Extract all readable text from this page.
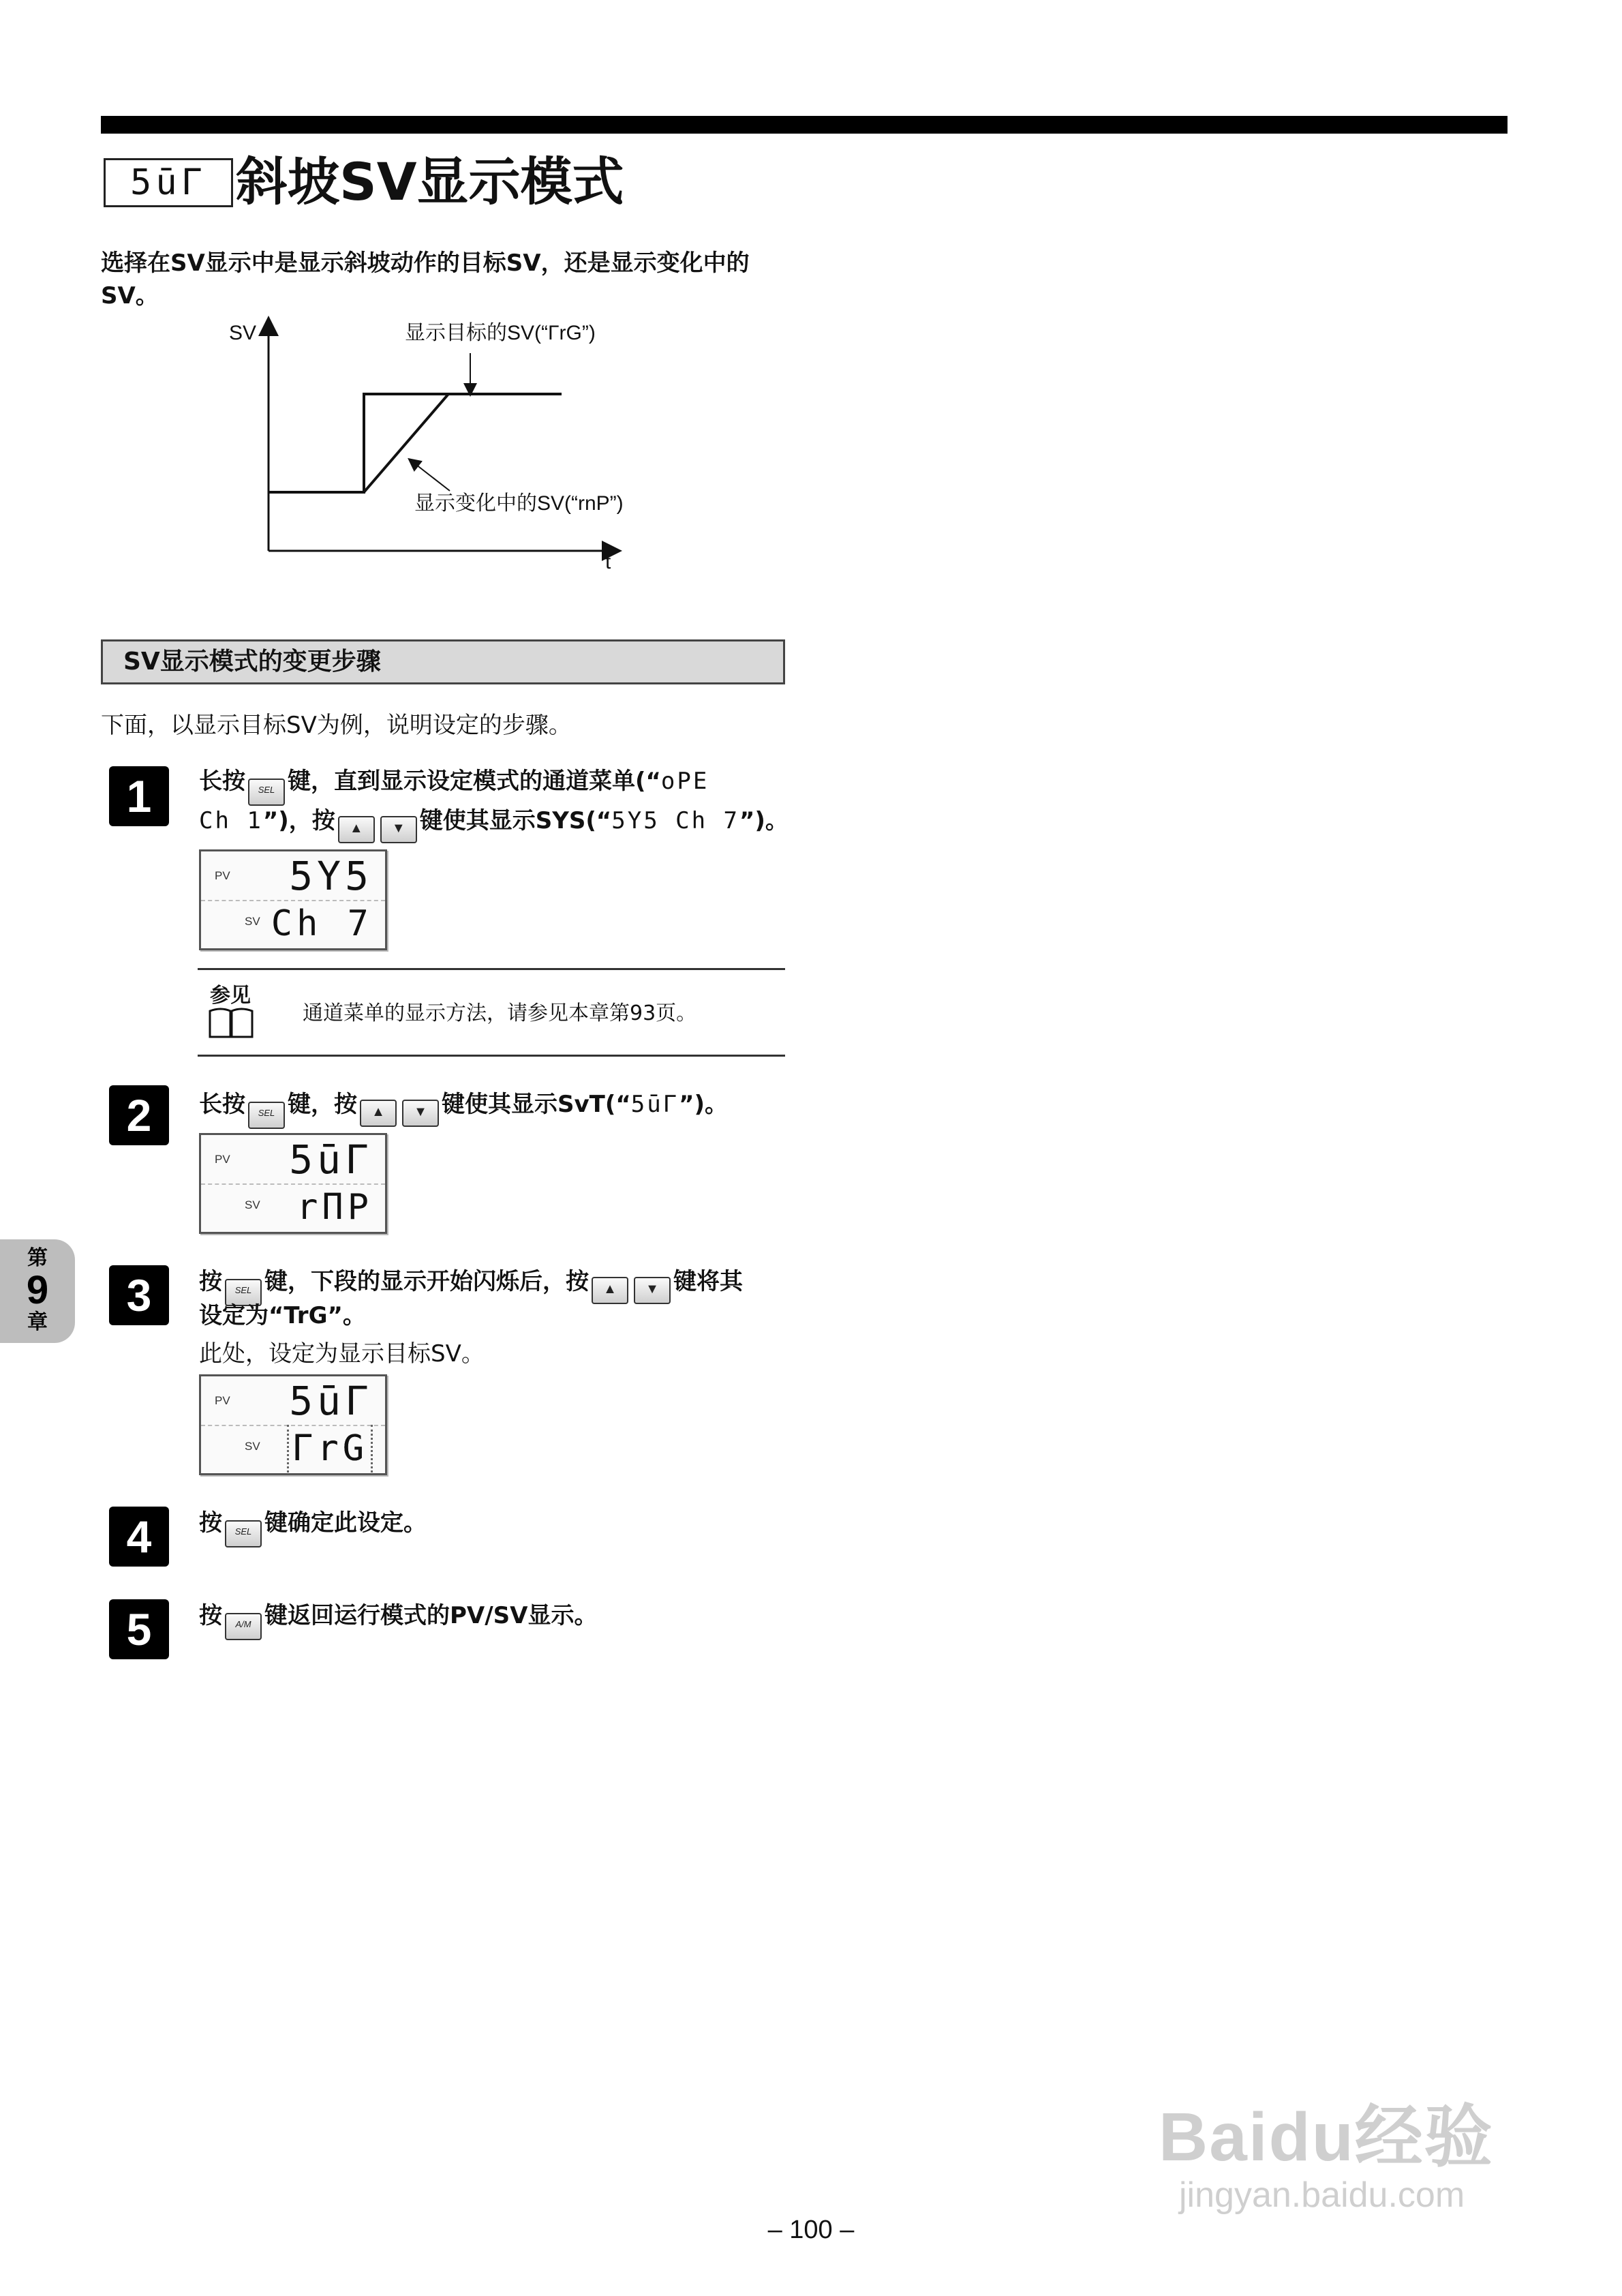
5ūΓ 斜坡SV显示模式
选择在SV显示中是显示斜坡动作的目标SV，还是显示变化中的SV。
SV
t
显示目标的SV(“ΓrG”)
显示变化中的SV(“rnP”)
SV显示模式的变更步骤
下面，以显示目标SV为例，说明设定的步骤。
1	长按 SEL 键，直到显示设定模式的通道菜单(“oPE
Ch 1”)，按 ▲ ▼ 键使其显示SYS(“5Y5 Ch 7”)。
PV 5Y5
SV Ch 7
参见
通道菜单的显示方法，请参见本章第93页。
2	长按 SEL 键，按 ▲ ▼ 键使其显示SvT(“5ūΓ”)。
PV 5ūΓ
SV rΠP
第
9
章
3	按 SEL 键，下段的显示开始闪烁后，按 ▲ ▼ 键将其
设定为“TrG”。
此处，设定为显示目标SV。
PV 5ūΓ
SV ΓrG
4	按 SEL 键确定此设定。
5	按 A/M 键返回运行模式的PV/SV显示。
Baidu经验
jingyan.baidu.com
– 100 –
